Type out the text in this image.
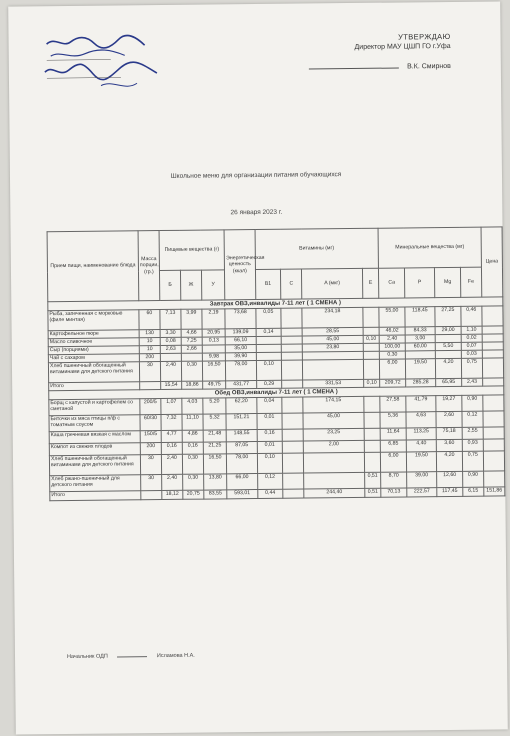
УТВЕРЖДАЮ
Директор МАУ ЦШП ГО г.Уфа
В.К. Смирнов
Школьное меню для организации питания обучающихся
26 января 2023 г.
Прием пищи, наименование блюда	Масса порции, (гр.)	Пищевые вещества (г)			Энергетическая ценность (ккал)	Витамины (мг)				Минеральные вещества (мг)				Цена
		Б	Ж	У		B1	C	A (мкг)	E	Ca	P	Mg	Fe	
Завтрак ОВЗ,инвалиды 7-11 лет ( 1 СМЕНА )														
Рыба, запеченная с морковью (филе минтая)	60	7,13	3,99	2,19	73,68	0,05		234,18		55,00	118,45	27,25	0,46	
Картофельное пюре	130	3,30	4,66	20,95	139,09	0,14		28,55		46,02	84,33	29,00	1,10	
Масло сливочное	10	0,08	7,25	0,13	66,10			45,00	0,10	2,40	3,00		0,02	
Сыр (порциями)	10	2,63	2,66		35,00			23,80		100,00	60,00	5,50	0,07	
Чай с сахаром	200			9,98	39,90					0,30			0,03	
Хлеб пшеничный обогащенный витаминами для детского питания	30	2,40	0,30	16,50	78,00	0,10				6,00	19,50	4,20	0,75	
Итого		15,54	18,86	49,75	431,77	0,29		331,53	0,10	209,72	285,28	65,95	2,43	
Обед ОВЗ,инвалиды 7-11 лет ( 1 СМЕНА )														
Борщ с капустой и картофелем со сметаной	200/5	1,07	4,03	5,20	62,20	0,04		174,15		27,58	41,79	19,27	0,90	
Биточки из мяса птицы п/ф с томатным соусом	60/30	7,32	11,10	5,32	151,21	0,01		45,00		5,36	4,63	2,60	0,12	
Каша гречневая вязкая с маслом	150/5	4,77	4,86	21,48	148,55	0,16		23,25		11,64	113,25	75,18	2,55	
Компот из свежих плодов	200	0,16	0,16	21,25	87,05	0,01		2,00		6,85	4,40	3,60	0,93	
Хлеб пшеничный обогащенный витаминами для детского питания	30	2,40	0,30	16,50	78,00	0,10				6,00	19,50	4,20	0,75	
Хлеб ржано-пшеничный для детского питания	30	2,40	0,30	13,80	66,00	0,12			0,51	8,70	39,00	12,60	0,90	
Итого		18,12	20,75	83,55	593,01	0,44		244,40	0,51	70,13	222,57	117,45	6,15	151,86
Начальник ОДП	Исламова Н.А.
